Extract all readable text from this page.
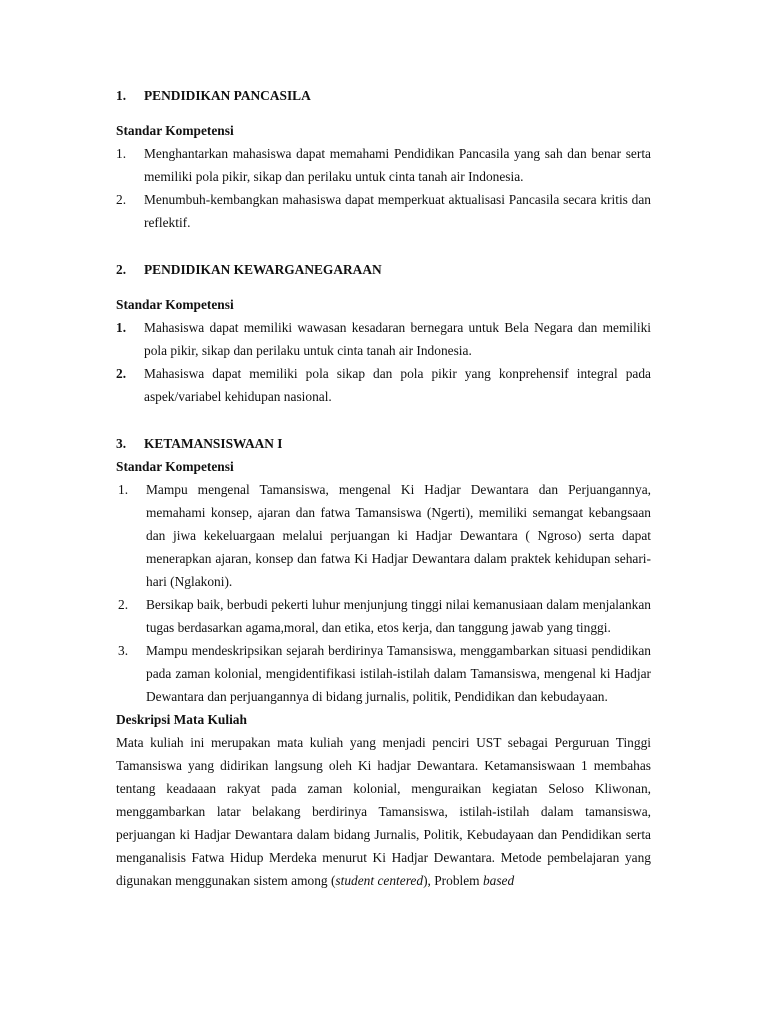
1.	PENDIDIKAN PANCASILA
Standar Kompetensi
1.	Menghantarkan mahasiswa dapat memahami Pendidikan Pancasila yang sah dan benar serta memiliki pola pikir, sikap dan perilaku untuk cinta tanah air Indonesia.
2.	Menumbuh-kembangkan mahasiswa dapat memperkuat aktualisasi Pancasila secara kritis dan reflektif.
2.	PENDIDIKAN KEWARGANEGARAAN
Standar Kompetensi
1.	Mahasiswa dapat memiliki wawasan kesadaran bernegara untuk Bela Negara dan memiliki pola pikir, sikap dan perilaku untuk cinta tanah air Indonesia.
2.	Mahasiswa dapat memiliki pola sikap dan pola pikir yang konprehensif integral pada aspek/variabel kehidupan nasional.
3.	KETAMANSISWAAN I
Standar Kompetensi
1.	Mampu mengenal Tamansiswa, mengenal Ki Hadjar Dewantara dan Perjuangannya, memahami konsep, ajaran dan fatwa Tamansiswa (Ngerti), memiliki semangat kebangsaan dan jiwa kekeluargaan melalui perjuangan ki Hadjar Dewantara ( Ngroso) serta dapat menerapkan ajaran, konsep dan fatwa Ki Hadjar Dewantara dalam praktek kehidupan sehari-hari (Nglakoni).
2.	Bersikap baik, berbudi pekerti luhur menjunjung tinggi nilai kemanusiaan dalam menjalankan tugas berdasarkan agama,moral, dan etika, etos kerja, dan tanggung jawab yang tinggi.
3.	Mampu mendeskripsikan sejarah berdirinya Tamansiswa, menggambarkan situasi pendidikan pada zaman kolonial, mengidentifikasi istilah-istilah dalam Tamansiswa, mengenal ki Hadjar Dewantara dan perjuangannya di bidang jurnalis, politik, Pendidikan dan kebudayaan.
Deskripsi Mata Kuliah
Mata kuliah ini merupakan mata kuliah yang menjadi penciri UST sebagai Perguruan Tinggi Tamansiswa yang didirikan langsung oleh Ki hadjar Dewantara. Ketamansiswaan 1 membahas tentang keadaaan rakyat pada zaman kolonial, menguraikan kegiatan Seloso Kliwonan, menggambarkan latar belakang berdirinya Tamansiswa, istilah-istilah dalam tamansiswa, perjuangan ki Hadjar Dewantara dalam bidang Jurnalis, Politik, Kebudayaan dan Pendidikan serta menganalisis Fatwa Hidup Merdeka menurut Ki Hadjar Dewantara. Metode pembelajaran yang digunakan menggunakan sistem among (student centered), Problem based
